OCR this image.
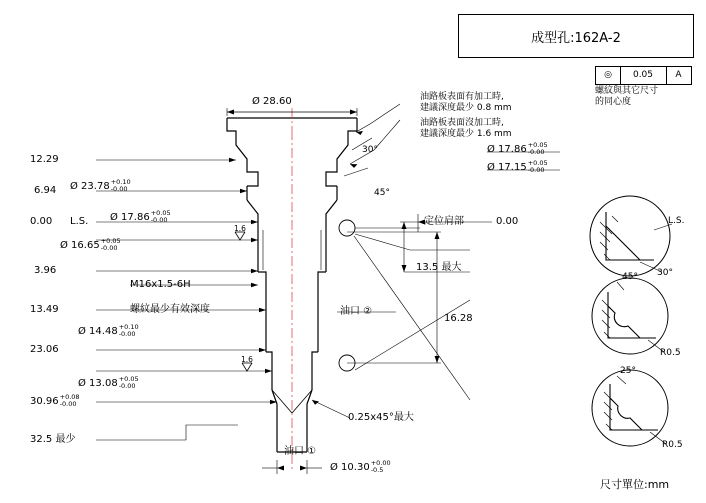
成型孔:162A-2
◎	0.05	A
螺紋與其它尺寸
的同心度
尺寸單位:mm
Ø 28.60	油路板表面有加工時,
建議深度最少 0.8 mm
油路板表面沒加工時,
建議深度最少 1.6 mm
12.29
6.94
0.00 L.S.
3.96
13.49
23.06
30.96 +0.08
-0.00
32.5 最少
Ø 23.78 +0.10
-0.00
Ø 17.86 +0.05
-0.00
Ø 16.65 +0.05
-0.00
1.6
M16x1.5-6H
螺紋最少有效深度
Ø 14.48 +0.10
-0.00
Ø 13.08 +0.05
-0.00
1.6
30°
45°
定位肩部	0.00
13.5 最大
油口 ②
16.28
Ø 17.86 +0.05
-0.00
Ø 17.15 +0.05
-0.00
L.S.
30°
45°
R0.5
25°
R0.5
0.25x45°最大
油口 ①
Ø 10.30 +0.00
-0.5
